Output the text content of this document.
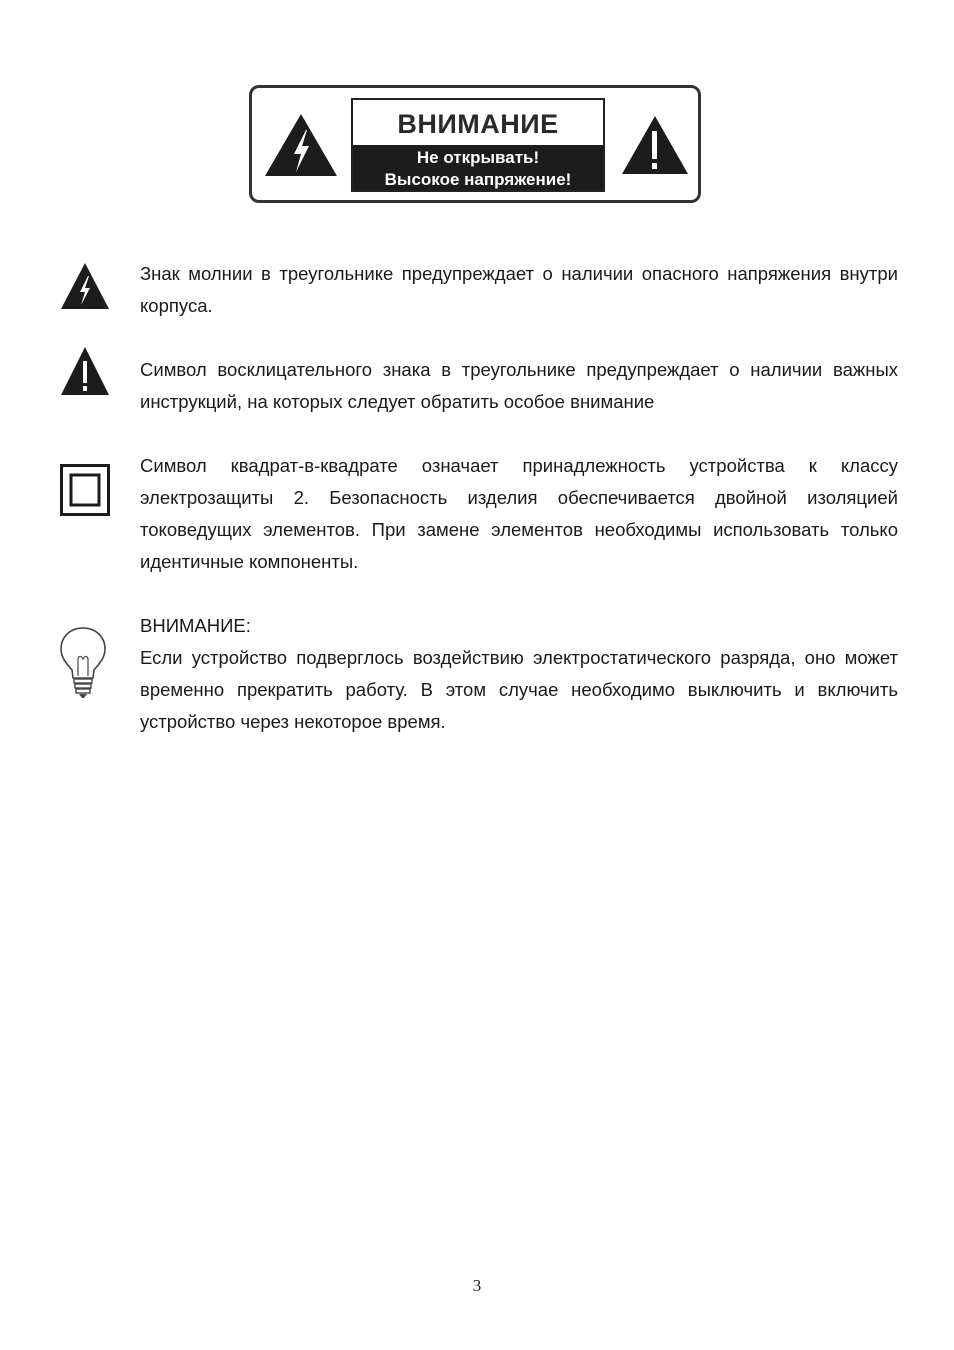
ВНИМАНИЕ
Не открывать!
Высокое напряжение!

Знак молнии в треугольнике предупреждает о наличии опасного напряжения внутри корпуса.

Символ восклицательного знака в треугольнике предупреждает о наличии важных инструкций, на которых следует обратить особое внимание

Символ квадрат-в-квадрате означает принадлежность устройства к классу электрозащиты 2. Безопасность изделия обеспечивается двойной изоляцией токоведущих элементов. При замене элементов необходимы использовать только идентичные компоненты.

ВНИМАНИЕ:

Если устройство подверглось воздействию электростатического разряда, оно может временно прекратить работу. В этом случае необходимо выключить и включить устройство через некоторое время.

3
